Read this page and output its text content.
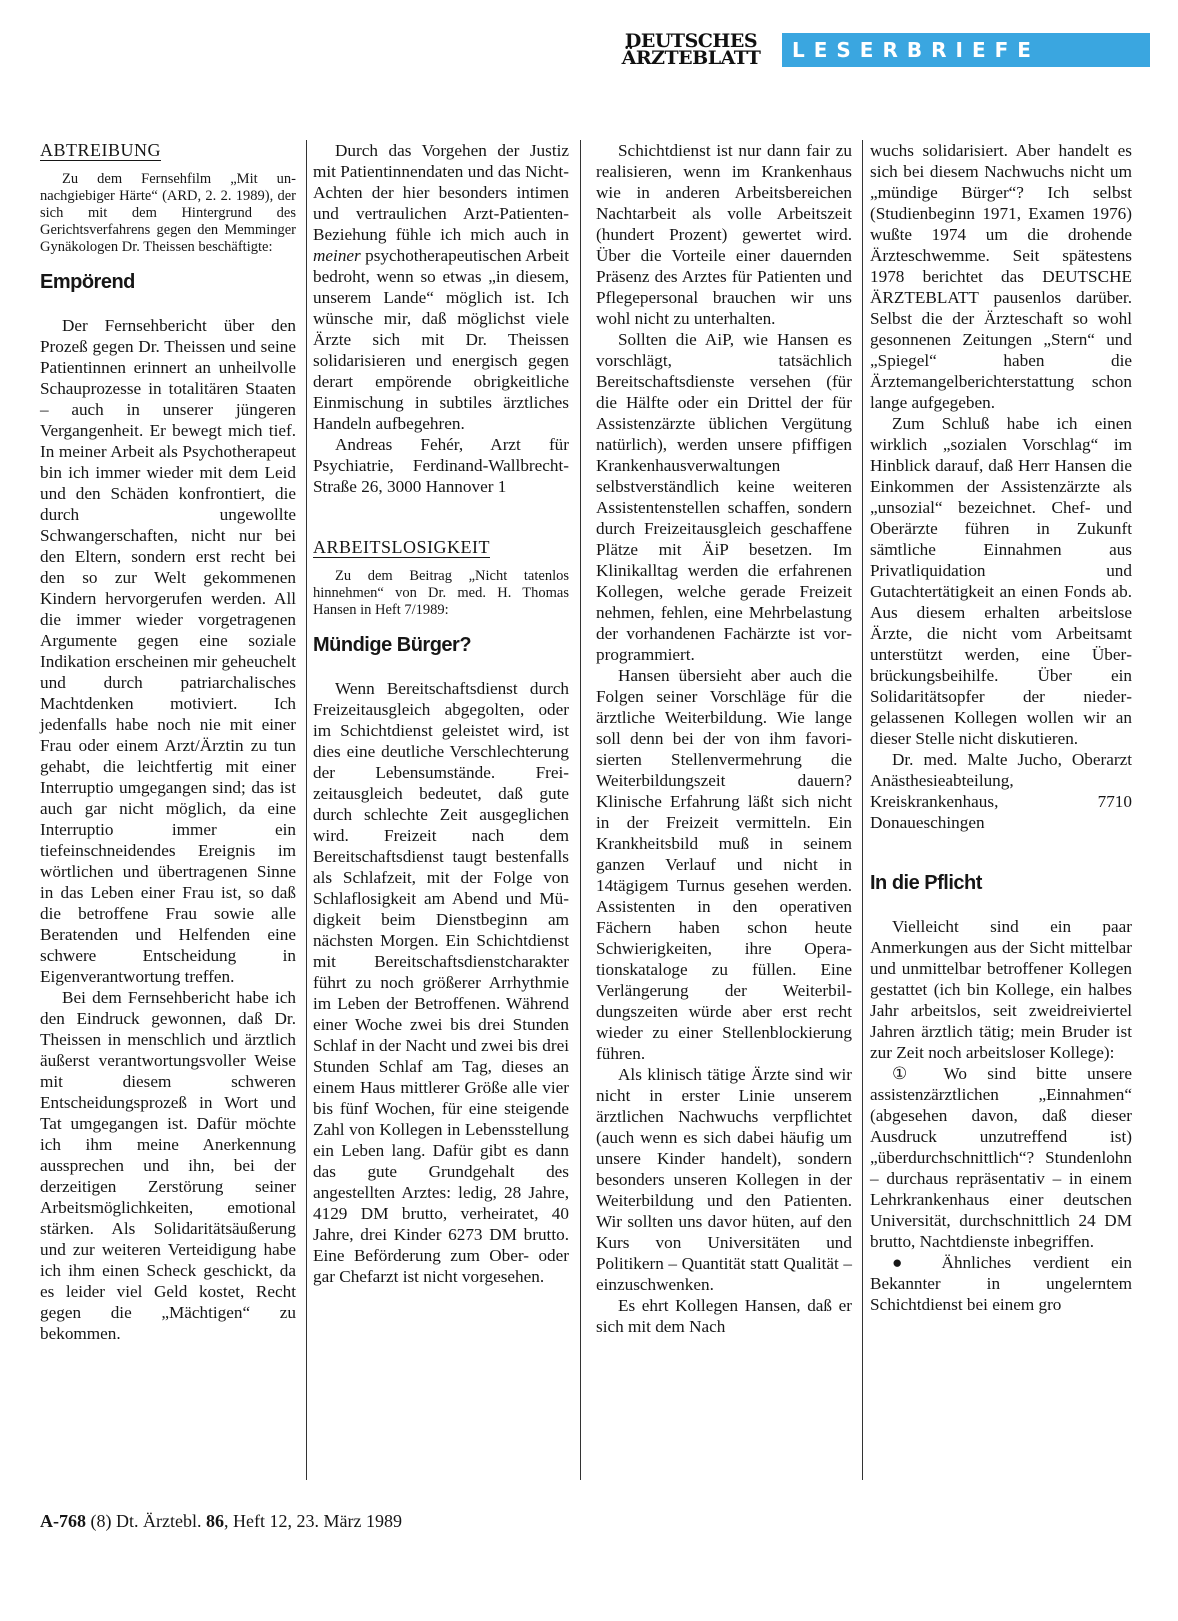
DEUTSCHES
ÄRZTEBLATT	LESERBRIEFE
ABTREIBUNG

Zu dem Fernsehfilm „Mit unnachgiebiger Härte“ (ARD, 2. 2. 1989), der sich mit dem Hintergrund des Gerichtsverfahrens gegen den Memminger Gynäkologen Dr. Theissen beschäftigte:

Empörend

Der Fernsehbericht über den Prozeß gegen Dr. Theissen und seine Patientinnen erinnert an unheilvolle Schauprozesse in totalitären Staaten – auch in unserer jüngeren Vergangenheit. Er bewegt mich tief. In meiner Arbeit als Psychotherapeut bin ich immer wieder mit dem Leid und den Schäden konfrontiert, die durch ungewollte Schwangerschaften, nicht nur bei den Eltern, sondern erst recht bei den so zur Welt gekommenen Kindern hervorgerufen werden. All die immer wieder vorgetragenen Argumente gegen eine soziale Indikation erscheinen mir geheuchelt und durch patriarchalisches Machtdenken motiviert. Ich jedenfalls habe noch nie mit einer Frau oder einem Arzt/Ärztin zu tun gehabt, die leichtfertig mit einer Interruptio umgegangen sind; das ist auch gar nicht möglich, da eine Interruptio immer ein tiefeinschneidendes Ereignis im wörtlichen und übertragenen Sinne in das Leben einer Frau ist, so daß die betroffene Frau sowie alle Beratenden und Helfenden eine schwere Entscheidung in Eigenverantwortung treffen.

Bei dem Fernsehbericht habe ich den Eindruck gewonnen, daß Dr. Theissen in menschlich und ärztlich äußerst verantwortungsvoller Weise mit diesem schweren Entscheidungsprozeß in Wort und Tat umgegangen ist. Dafür möchte ich ihm meine Anerkennung aussprechen und ihn, bei der derzeitigen Zerstörung seiner Arbeitsmöglichkeiten, emotional stärken. Als Solidaritätsäußerung und zur weiteren Verteidigung habe ich ihm einen Scheck geschickt, da es leider viel Geld kostet, Recht gegen die „Mächtigen“ zu bekommen.

Durch das Vorgehen der Justiz mit Patientinnendaten und das Nicht-Achten der hier besonders intimen und vertraulichen Arzt-Patienten-Beziehung fühle ich mich auch in meiner psychotherapeutischen Arbeit bedroht, wenn so etwas „in diesem, unserem Lande“ möglich ist. Ich wünsche mir, daß möglichst viele Ärzte sich mit Dr. Theissen solidarisieren und energisch gegen derart empörende obrigkeitliche Einmischung in subtiles ärztliches Handeln aufbegehren.

Andreas Fehér, Arzt für Psychiatrie, Ferdinand-Wallbrecht-Straße 26, 3000 Hannover 1

ARBEITSLOSIGKEIT

Zu dem Beitrag „Nicht tatenlos hinnehmen“ von Dr. med. H. Thomas Hansen in Heft 7/1989:

Mündige Bürger?

Wenn Bereitschaftsdienst durch Freizeitausgleich abgegolten, oder im Schichtdienst geleistet wird, ist dies eine deutliche Verschlechterung der Lebensumstände. Freizeitausgleich bedeutet, daß gute durch schlechte Zeit ausgeglichen wird. Freizeit nach dem Bereitschaftsdienst taugt bestenfalls als Schlafzeit, mit der Folge von Schlaflosigkeit am Abend und Müdigkeit beim Dienstbeginn am nächsten Morgen. Ein Schichtdienst mit Bereitschaftsdienstcharakter führt zu noch größerer Arrhythmie im Leben der Betroffenen. Während einer Woche zwei bis drei Stunden Schlaf in der Nacht und zwei bis drei Stunden Schlaf am Tag, dieses an einem Haus mittlerer Größe alle vier bis fünf Wochen, für eine steigende Zahl von Kollegen in Lebensstellung ein Leben lang. Dafür gibt es dann das gute Grundgehalt des angestellten Arztes: ledig, 28 Jahre, 4129 DM brutto, verheiratet, 40 Jahre, drei Kinder 6273 DM brutto. Eine Beförderung zum Ober- oder gar Chefarzt ist nicht vorgesehen.

Schichtdienst ist nur dann fair zu realisieren, wenn im Krankenhaus wie in anderen Arbeitsbereichen Nachtarbeit als volle Arbeitszeit (hundert Prozent) gewertet wird. Über die Vorteile einer dauernden Präsenz des Arztes für Patienten und Pflegepersonal brauchen wir uns wohl nicht zu unterhalten.

Sollten die AiP, wie Hansen es vorschlägt, tatsächlich Bereitschaftsdienste versehen (für die Hälfte oder ein Drittel der für Assistenzärzte üblichen Vergütung natürlich), werden unsere pfiffigen Krankenhausverwaltungen selbstverständlich keine weiteren Assistentenstellen schaffen, sondern durch Freizeitausgleich geschaffene Plätze mit ÄiP besetzen. Im Klinikalltag werden die erfahrenen Kollegen, welche gerade Freizeit nehmen, fehlen, eine Mehrbelastung der vorhandenen Fachärzte ist vorprogrammiert.

Hansen übersieht aber auch die Folgen seiner Vorschläge für die ärztliche Weiterbildung. Wie lange soll denn bei der von ihm favorisierten Stellenvermehrung die Weiterbildungszeit dauern? Klinische Erfahrung läßt sich nicht in der Freizeit vermitteln. Ein Krankheitsbild muß in seinem ganzen Verlauf und nicht in 14tägigem Turnus gesehen werden. Assistenten in den operativen Fächern haben schon heute Schwierigkeiten, ihre Operationskataloge zu füllen. Eine Verlängerung der Weiterbildungszeiten würde aber erst recht wieder zu einer Stellenblockierung führen.

Als klinisch tätige Ärzte sind wir nicht in erster Linie unserem ärztlichen Nachwuchs verpflichtet (auch wenn es sich dabei häufig um unsere Kinder handelt), sondern besonders unseren Kollegen in der Weiterbildung und den Patienten. Wir sollten uns davor hüten, auf den Kurs von Universitäten und Politikern – Quantität statt Qualität – einzuschwenken.

Es ehrt Kollegen Hansen, daß er sich mit dem Nach

wuchs solidarisiert. Aber handelt es sich bei diesem Nachwuchs nicht um „mündige Bürger“? Ich selbst (Studienbeginn 1971, Examen 1976) wußte 1974 um die drohende Ärzteschwemme. Seit spätestens 1978 berichtet das DEUTSCHE ÄRZTEBLATT pausenlos darüber. Selbst die der Ärzteschaft so wohl gesonnenen Zeitungen „Stern“ und „Spiegel“ haben die Ärztemangelberichterstattung schon lange aufgegeben.

Zum Schluß habe ich einen wirklich „sozialen Vorschlag“ im Hinblick darauf, daß Herr Hansen die Einkommen der Assistenzärzte als „unsozial“ bezeichnet. Chef- und Oberärzte führen in Zukunft sämtliche Einnahmen aus Privatliquidation und Gutachtertätigkeit an einen Fonds ab. Aus diesem erhalten arbeitslose Ärzte, die nicht vom Arbeitsamt unterstützt werden, eine Überbrückungsbeihilfe. Über ein Solidaritätsopfer der niedergelassenen Kollegen wollen wir an dieser Stelle nicht diskutieren.

Dr. med. Malte Jucho, Oberarzt Anästhesieabteilung, Kreiskrankenhaus, 7710 Donaueschingen

In die Pflicht

Vielleicht sind ein paar Anmerkungen aus der Sicht mittelbar und unmittelbar betroffener Kollegen gestattet (ich bin Kollege, ein halbes Jahr arbeitslos, seit zweidreiviertel Jahren ärztlich tätig; mein Bruder ist zur Zeit noch arbeitsloser Kollege):

① Wo sind bitte unsere assistenzärztlichen „Einnahmen“ (abgesehen davon, daß dieser Ausdruck unzutreffend ist) „überdurchschnittlich“? Stundenlohn – durchaus repräsentativ – in einem Lehrkrankenhaus einer deutschen Universität, durchschnittlich 24 DM brutto, Nachtdienste inbegriffen.

● Ähnliches verdient ein Bekannter in ungelerntem Schichtdienst bei einem gro

A-768 (8) Dt. Ärztebl. 86, Heft 12, 23. März 1989
